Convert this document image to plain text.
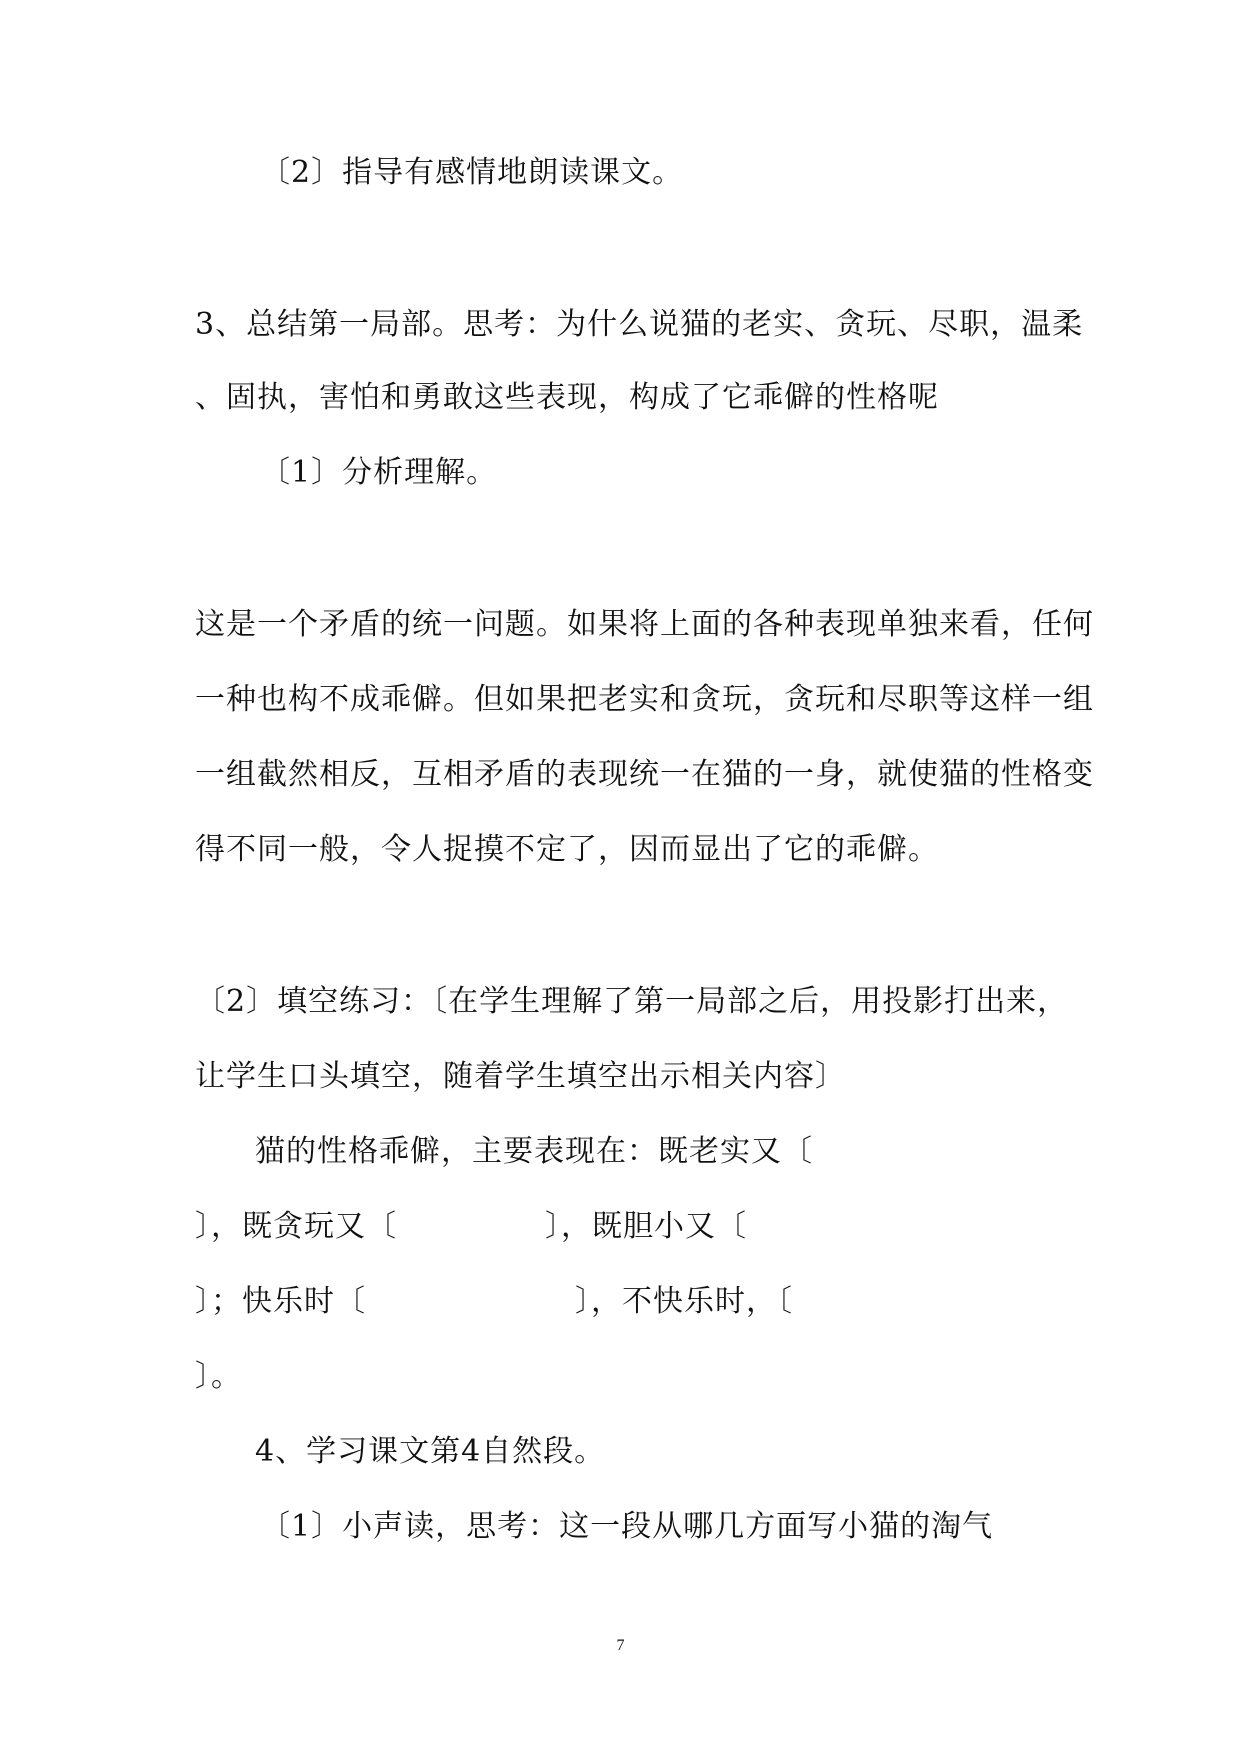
〔2〕指导有感情地朗读课文。
3、总结第一局部。思考：为什么说猫的老实、贪玩、尽职，温柔
、固执，害怕和勇敢这些表现，构成了它乖僻的性格呢
〔1〕分析理解。
这是一个矛盾的统一问题。如果将上面的各种表现单独来看，任何
一种也构不成乖僻。但如果把老实和贪玩，贪玩和尽职等这样一组
一组截然相反，互相矛盾的表现统一在猫的一身，就使猫的性格变
得不同一般，令人捉摸不定了，因而显出了它的乖僻。
〔2〕填空练习：〔在学生理解了第一局部之后，用投影打出来，
让学生口头填空，随着学生填空出示相关内容〕
猫的性格乖僻，主要表现在：既老实又〔
〕，既贪玩又〔	〕，既胆小又〔
〕；快乐时〔	〕，不快乐时，〔
〕。
4、学习课文第4自然段。
〔1〕小声读，思考：这一段从哪几方面写小猫的淘气
7
